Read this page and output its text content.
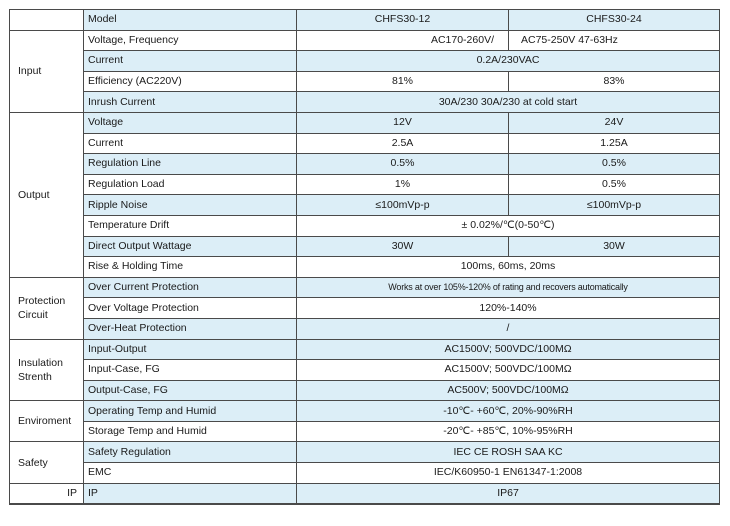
	Model	CHFS30-12	CHFS30-24
Input	Voltage, Frequency	AC170-260V/	AC75-250V 47-63Hz
	Current	0.2A/230VAC	
	Efficiency (AC220V)	81%	83%
	Inrush Current	30A/230 30A/230 at cold start	
Output	Voltage	12V	24V
	Current	2.5A	1.25A
	Regulation Line	0.5%	0.5%
	Regulation Load	1%	0.5%
	Ripple Noise	≤100mVp-p	≤100mVp-p
	Temperature Drift	± 0.02%/℃(0-50℃)	
	Direct Output Wattage	30W	30W
	Rise & Holding Time	100ms, 60ms, 20ms	
Protection Circuit	Over Current Protection	Works at over 105%-120% of rating and recovers automatically	
	Over Voltage Protection	120%-140%	
	Over-Heat Protection	/	
Insulation Strenth	Input-Output	AC1500V; 500VDC/100MΩ	
	Input-Case, FG	AC1500V; 500VDC/100MΩ	
	Output-Case, FG	AC500V; 500VDC/100MΩ	
Enviroment	Operating Temp and Humid	-10℃- +60℃, 20%-90%RH	
	Storage Temp and Humid	-20℃- +85℃, 10%-95%RH	
Safety	Safety Regulation	IEC CE ROSH SAA KC	
	EMC	IEC/K60950-1 EN61347-1:2008	
IP	IP	IP67	
